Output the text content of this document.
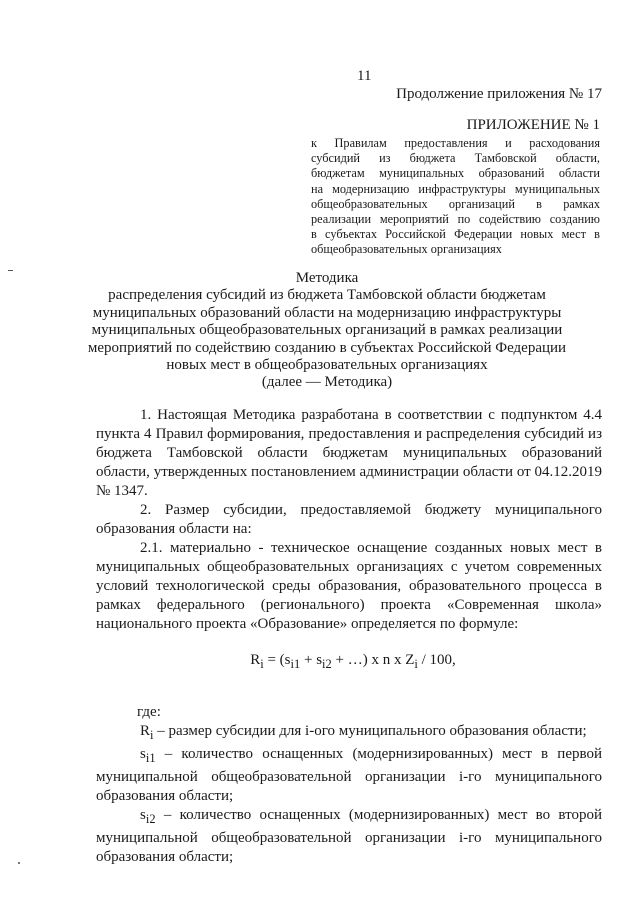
11
Продолжение приложения № 17
ПРИЛОЖЕНИЕ № 1

к Правилам предоставления и расходования

субсидий из бюджета Тамбовской области,

бюджетам муниципальных образований области

на модернизацию инфраструктуры муниципальных

общеобразовательных организаций в рамках

реализации мероприятий по содействию созданию

в субъектах Российской Федерации новых мест в

общеобразовательных организациях

Методика

распределения субсидий из бюджета Тамбовской области бюджетам

муниципальных образований области на модернизацию инфраструктуры

муниципальных общеобразовательных организаций в рамках реализации

мероприятий по содействию созданию в субъектах Российской Федерации

новых мест в общеобразовательных организациях

(далее — Методика)

1. Настоящая Методика разработана в соответствии с подпунктом 4.4 пункта 4 Правил формирования, предоставления и распределения субсидий из бюджета Тамбовской области бюджетам муниципальных образований области, утвержденных постановлением администрации области от 04.12.2019 № 1347.

2. Размер субсидии, предоставляемой бюджету муниципального образования области на:

2.1. материально - техническое оснащение созданных новых мест в муниципальных общеобразовательных организациях с учетом современных условий технологической среды образования, образовательного процесса в рамках федерального (регионального) проекта «Современная школа» национального проекта «Образование» определяется по формуле:

$R_i = (s_{i1} + s_{i2}$ + …) x n x $Z_i / 100$,

где:

$R_i$ – размер субсидии для i-ого муниципального образования области;

$s_{i1}$ – количество оснащенных (модернизированных) мест в первой муниципальной общеобразовательной организации i-го муниципального образования области;

$s_{i2}$ – количество оснащенных (модернизированных) мест во второй муниципальной общеобразовательной организации i-го муниципального образования области;
